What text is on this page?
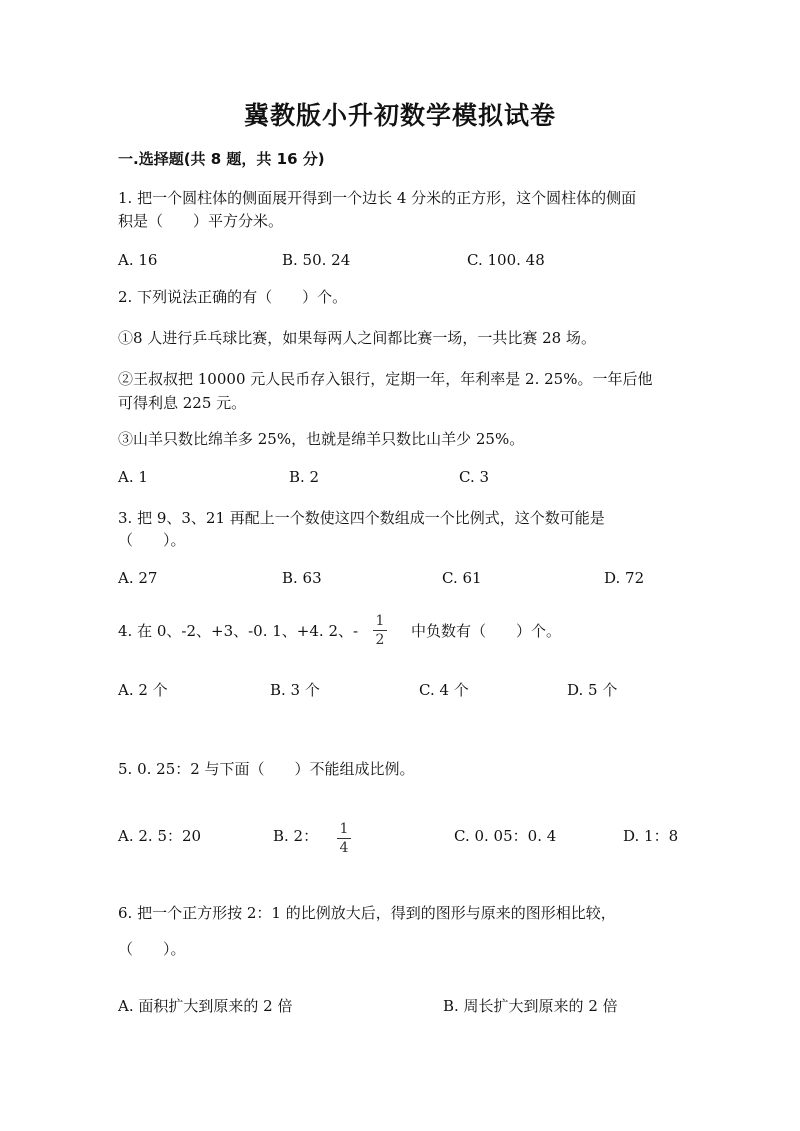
冀教版小升初数学模拟试卷
一.选择题(共 8 题，共 16 分)
1. 把一个圆柱体的侧面展开得到一个边长 4 分米的正方形，这个圆柱体的侧面
积是（　　）平方分米。
A. 16	B. 50. 24	C. 100. 48
2. 下列说法正确的有（　　）个。
①8 人进行乒乓球比赛，如果每两人之间都比赛一场，一共比赛 28 场。
②王叔叔把 10000 元人民币存入银行，定期一年，年利率是 2. 25%。一年后他
可得利息 225 元。
③山羊只数比绵羊多 25%，也就是绵羊只数比山羊少 25%。
A. 1	B. 2	C. 3
3. 把 9、3、21 再配上一个数使这四个数组成一个比例式，这个数可能是
（　　）。
A. 27	B. 63	C. 61	D. 72
4. 在 0、-2、+3、-0. 1、+4. 2、-
1
2 中负数有（　　）个。
A. 2 个	B. 3 个	C. 4 个	D. 5 个
5. 0. 25：2 与下面（　　）不能组成比例。
A. 2. 5：20	B. 2： 1
4
C. 0. 05：0. 4	D. 1：8
6. 把一个正方形按 2：1 的比例放大后，得到的图形与原来的图形相比较，
（　　）。
A. 面积扩大到原来的 2 倍	B. 周长扩大到原来的 2 倍
